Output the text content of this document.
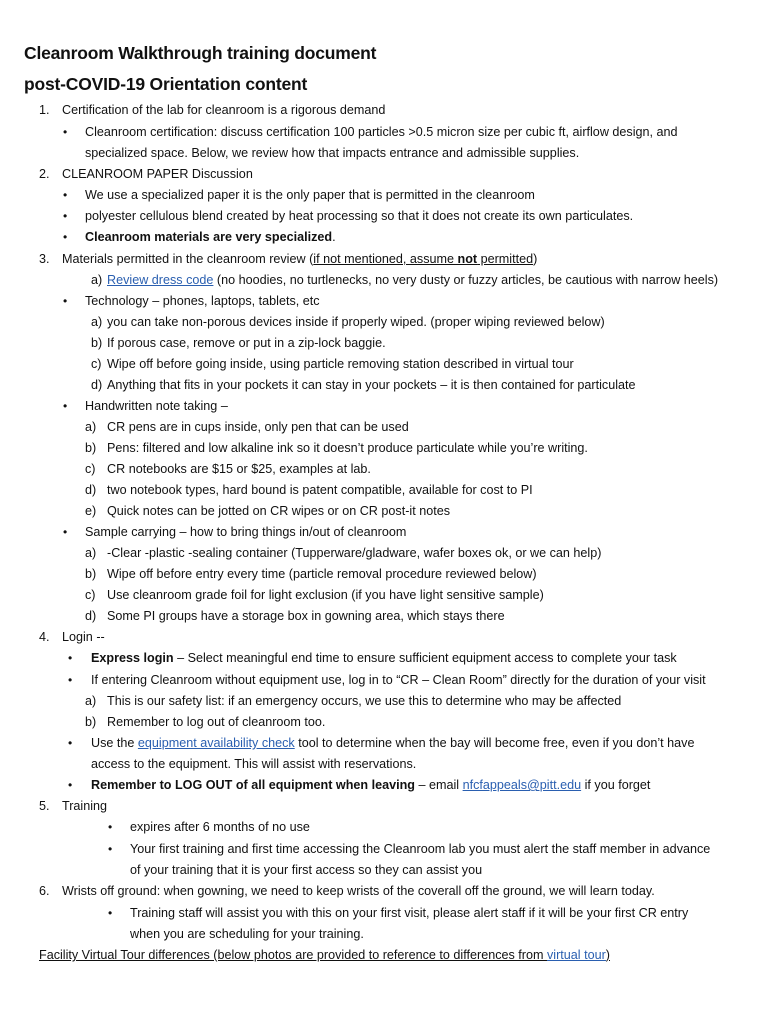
Cleanroom Walkthrough training document
post-COVID-19 Orientation content
1. Certification of the lab for cleanroom is a rigorous demand
• Cleanroom certification: discuss certification 100 particles >0.5 micron size per cubic ft, airflow design, and
specialized space. Below, we review how that impacts entrance and admissible supplies.
2. CLEANROOM PAPER Discussion
• We use a specialized paper it is the only paper that is permitted in the cleanroom
• polyester cellulous blend created by heat processing so that it does not create its own particulates.
• Cleanroom materials are very specialized.
3. Materials permitted in the cleanroom review (if not mentioned, assume not permitted)
a) Review dress code (no hoodies, no turtlenecks, no very dusty or fuzzy articles, be cautious with narrow heels)
• Technology – phones, laptops, tablets, etc
a) you can take non-porous devices inside if properly wiped. (proper wiping reviewed below)
b) If porous case, remove or put in a zip-lock baggie.
c) Wipe off before going inside, using particle removing station described in virtual tour
d) Anything that fits in your pockets it can stay in your pockets – it is then contained for particulate
• Handwritten note taking –
a) CR pens are in cups inside, only pen that can be used
b) Pens: filtered and low alkaline ink so it doesn’t produce particulate while you’re writing.
c) CR notebooks are $15 or $25, examples at lab.
d) two notebook types, hard bound is patent compatible, available for cost to PI
e) Quick notes can be jotted on CR wipes or on CR post-it notes
• Sample carrying – how to bring things in/out of cleanroom
a) -Clear -plastic -sealing container (Tupperware/gladware, wafer boxes ok, or we can help)
b) Wipe off before entry every time (particle removal procedure reviewed below)
c) Use cleanroom grade foil for light exclusion (if you have light sensitive sample)
d) Some PI groups have a storage box in gowning area, which stays there
4. Login --
• Express login – Select meaningful end time to ensure sufficient equipment access to complete your task
• If entering Cleanroom without equipment use, log in to “CR – Clean Room” directly for the duration of your visit
a) This is our safety list: if an emergency occurs, we use this to determine who may be affected
b) Remember to log out of cleanroom too.
• Use the equipment availability check tool to determine when the bay will become free, even if you don’t have
access to the equipment. This will assist with reservations.
• Remember to LOG OUT of all equipment when leaving – email nfcfappeals@pitt.edu if you forget
5. Training
• expires after 6 months of no use
• Your first training and first time accessing the Cleanroom lab you must alert the staff member in advance
of your training that it is your first access so they can assist you
6. Wrists off ground: when gowning, we need to keep wrists of the coverall off the ground, we will learn today.
• Training staff will assist you with this on your first visit, please alert staff if it will be your first CR entry
when you are scheduling for your training.
Facility Virtual Tour differences (below photos are provided to reference to differences from virtual tour)
